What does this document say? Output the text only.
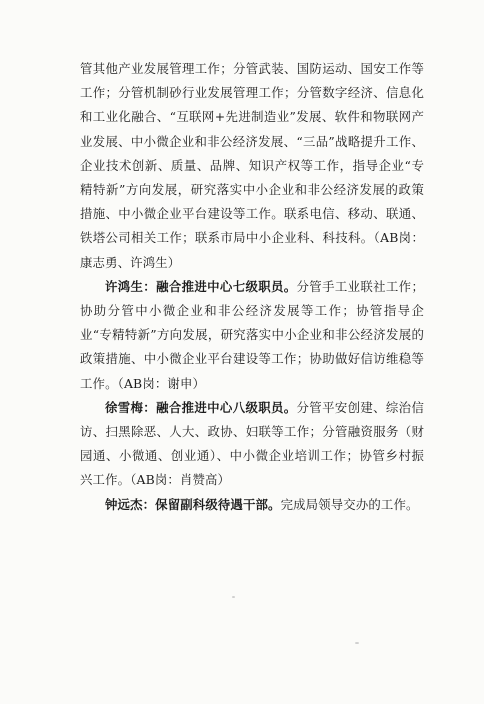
管其他产业发展管理工作；分管武装、国防运动、国安工作等工作；分管机制砂行业发展管理工作；分管数字经济、信息化和工业化融合、“互联网+先进制造业”发展、软件和物联网产业发展、中小微企业和非公经济发展、“三品”战略提升工作、企业技术创新、质量、品牌、知识产权等工作，指导企业“专精特新”方向发展，研究落实中小企业和非公经济发展的政策措施、中小微企业平台建设等工作。联系电信、移动、联通、铁塔公司相关工作；联系市局中小企业科、科技科。（AB岗：康志勇、许鸿生）

许鸿生：融合推进中心七级职员。分管手工业联社工作；协助分管中小微企业和非公经济发展等工作；协管指导企业“专精特新”方向发展，研究落实中小企业和非公经济发展的政策措施、中小微企业平台建设等工作；协助做好信访维稳等工作。（AB岗：谢申）

徐雪梅：融合推进中心八级职员。分管平安创建、综治信访、扫黑除恶、人大、政协、妇联等工作；分管融资服务（财园通、小微通、创业通）、中小微企业培训工作；协管乡村振兴工作。（AB岗：肖赞高）

钟远杰：保留副科级待遇干部。完成局领导交办的工作。
